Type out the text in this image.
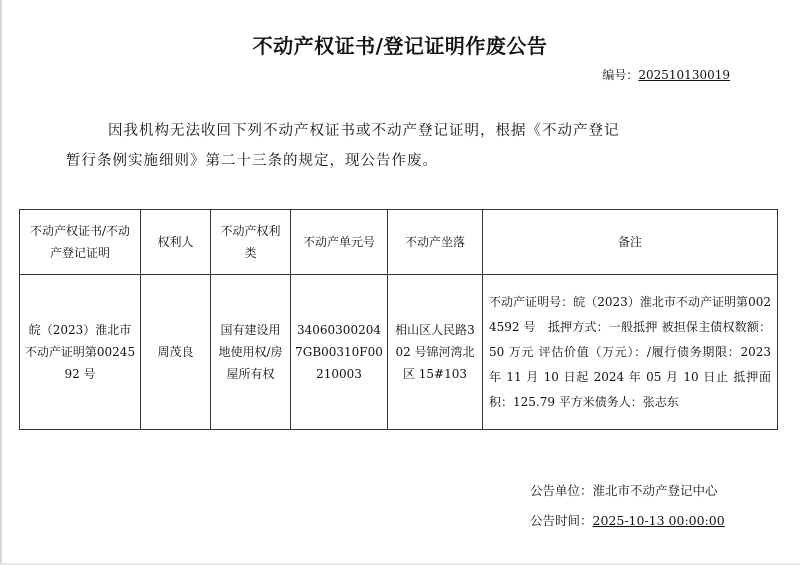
不动产权证书/登记证明作废公告
编号：202510130019
因我机构无法收回下列不动产权证书或不动产登记证明，根据《不动产登记
暂行条例实施细则》第二十三条的规定，现公告作废。
不动产权证书/不动产登记证明	权利人	不动产权利类	不动产单元号	不动产坐落	备注
皖（2023）淮北市不动产证明第0024592 号	周茂良	国有建设用地使用权/房屋所有权	340603002047GB00310F00210003	相山区人民路302 号锦河湾北区 15#103	不动产证明号：皖（2023）淮北市不动产证明第0024592 号　抵押方式：一般抵押 被担保主债权数额：50 万元 评估价值（万元）：/履行债务期限：2023 年 11 月 10 日起 2024 年 05 月 10 日止 抵押面积：125.79 平方米债务人：张志东
公告单位：淮北市不动产登记中心
公告时间：2025-10-13 00:00:00
